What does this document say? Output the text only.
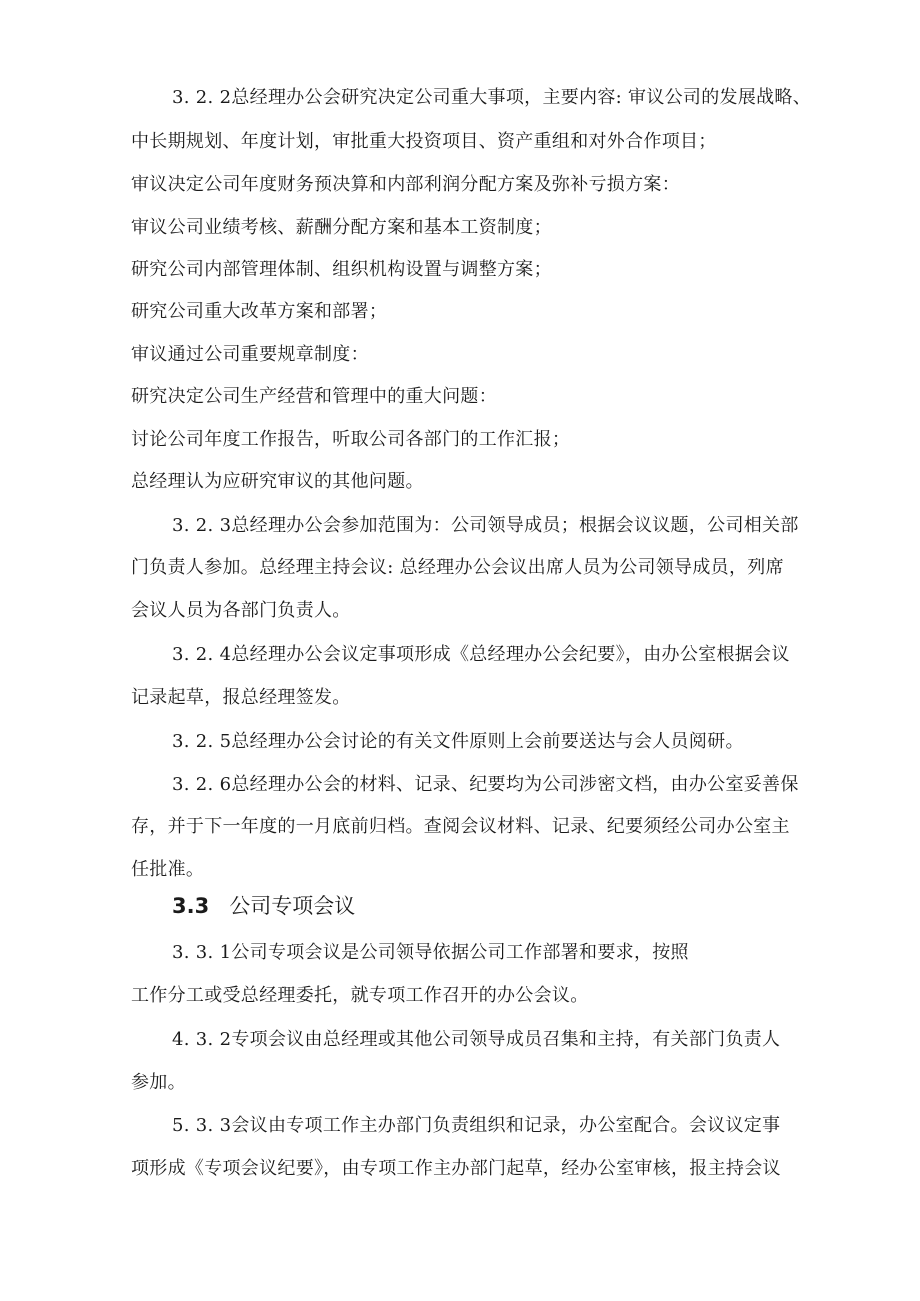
3. 2. 2总经理办公会研究决定公司重大事项，主要内容: 审议公司的发展战略、
中长期规划、年度计划，审批重大投资项目、资产重组和对外合作项目；
审议决定公司年度财务预决算和内部利润分配方案及弥补亏损方案：
审议公司业绩考核、薪酬分配方案和基本工资制度；
研究公司内部管理体制、组织机构设置与调整方案；
研究公司重大改革方案和部署；
审议通过公司重要规章制度：
研究决定公司生产经营和管理中的重大问题：
讨论公司年度工作报告，听取公司各部门的工作汇报；
总经理认为应研究审议的其他问题。
3. 2. 3总经理办公会参加范围为：公司领导成员；根据会议议题，公司相关部
门负责人参加。总经理主持会议: 总经理办公会议出席人员为公司领导成员，列席
会议人员为各部门负责人。
3. 2. 4总经理办公会议定事项形成《总经理办公会纪要》，由办公室根据会议
记录起草，报总经理签发。
3. 2. 5总经理办公会讨论的有关文件原则上会前要送达与会人员阅研。
3. 2. 6总经理办公会的材料、记录、纪要均为公司涉密文档，由办公室妥善保
存，并于下一年度的一月底前归档。查阅会议材料、记录、纪要须经公司办公室主
任批准。
3.3 公司专项会议
3. 3. 1公司专项会议是公司领导依据公司工作部署和要求，按照
工作分工或受总经理委托，就专项工作召开的办公会议。
4. 3. 2专项会议由总经理或其他公司领导成员召集和主持，有关部门负责人
参加。
5. 3. 3会议由专项工作主办部门负责组织和记录，办公室配合。会议议定事
项形成《专项会议纪要》，由专项工作主办部门起草，经办公室审核，报主持会议
